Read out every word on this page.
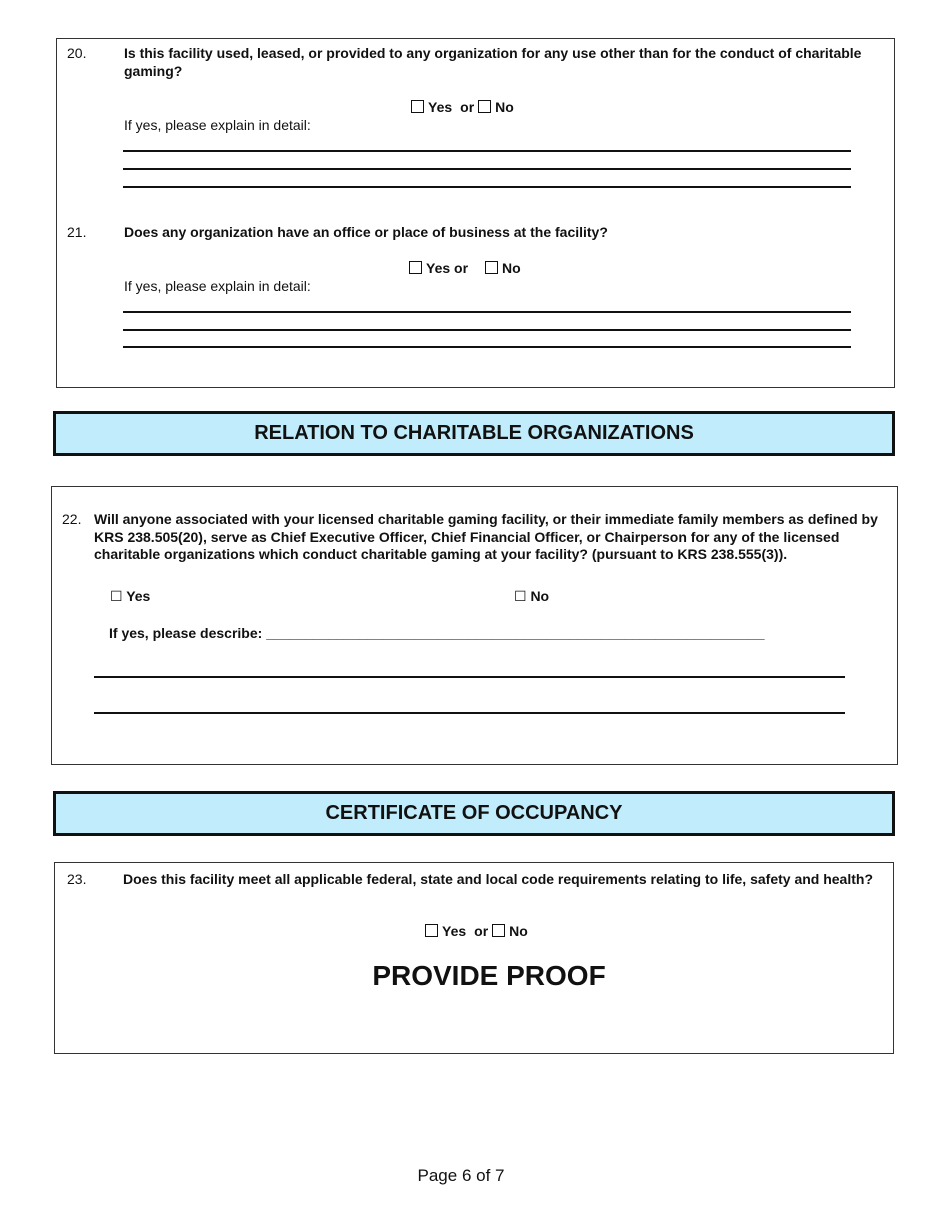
20.	Is this facility used, leased, or provided to any organization for any use other than for the conduct of charitable gaming?
Yes or No
If yes, please explain in detail:
21.	Does any organization have an office or place of business at the facility?
Yes or No
If yes, please explain in detail:
RELATION TO CHARITABLE ORGANIZATIONS
22. Will anyone associated with your licensed charitable gaming facility, or their immediate family members as defined by KRS 238.505(20), serve as Chief Executive Officer, Chief Financial Officer, or Chairperson for any of the licensed charitable organizations which conduct charitable gaming at your facility? (pursuant to KRS 238.555(3)).
☐ Yes	☐ No
If yes, please describe: ________________________________________________________________
CERTIFICATE OF OCCUPANCY
23.	Does this facility meet all applicable federal, state and local code requirements relating to life, safety and health?
Yes or No
PROVIDE PROOF
Page 6 of 7
